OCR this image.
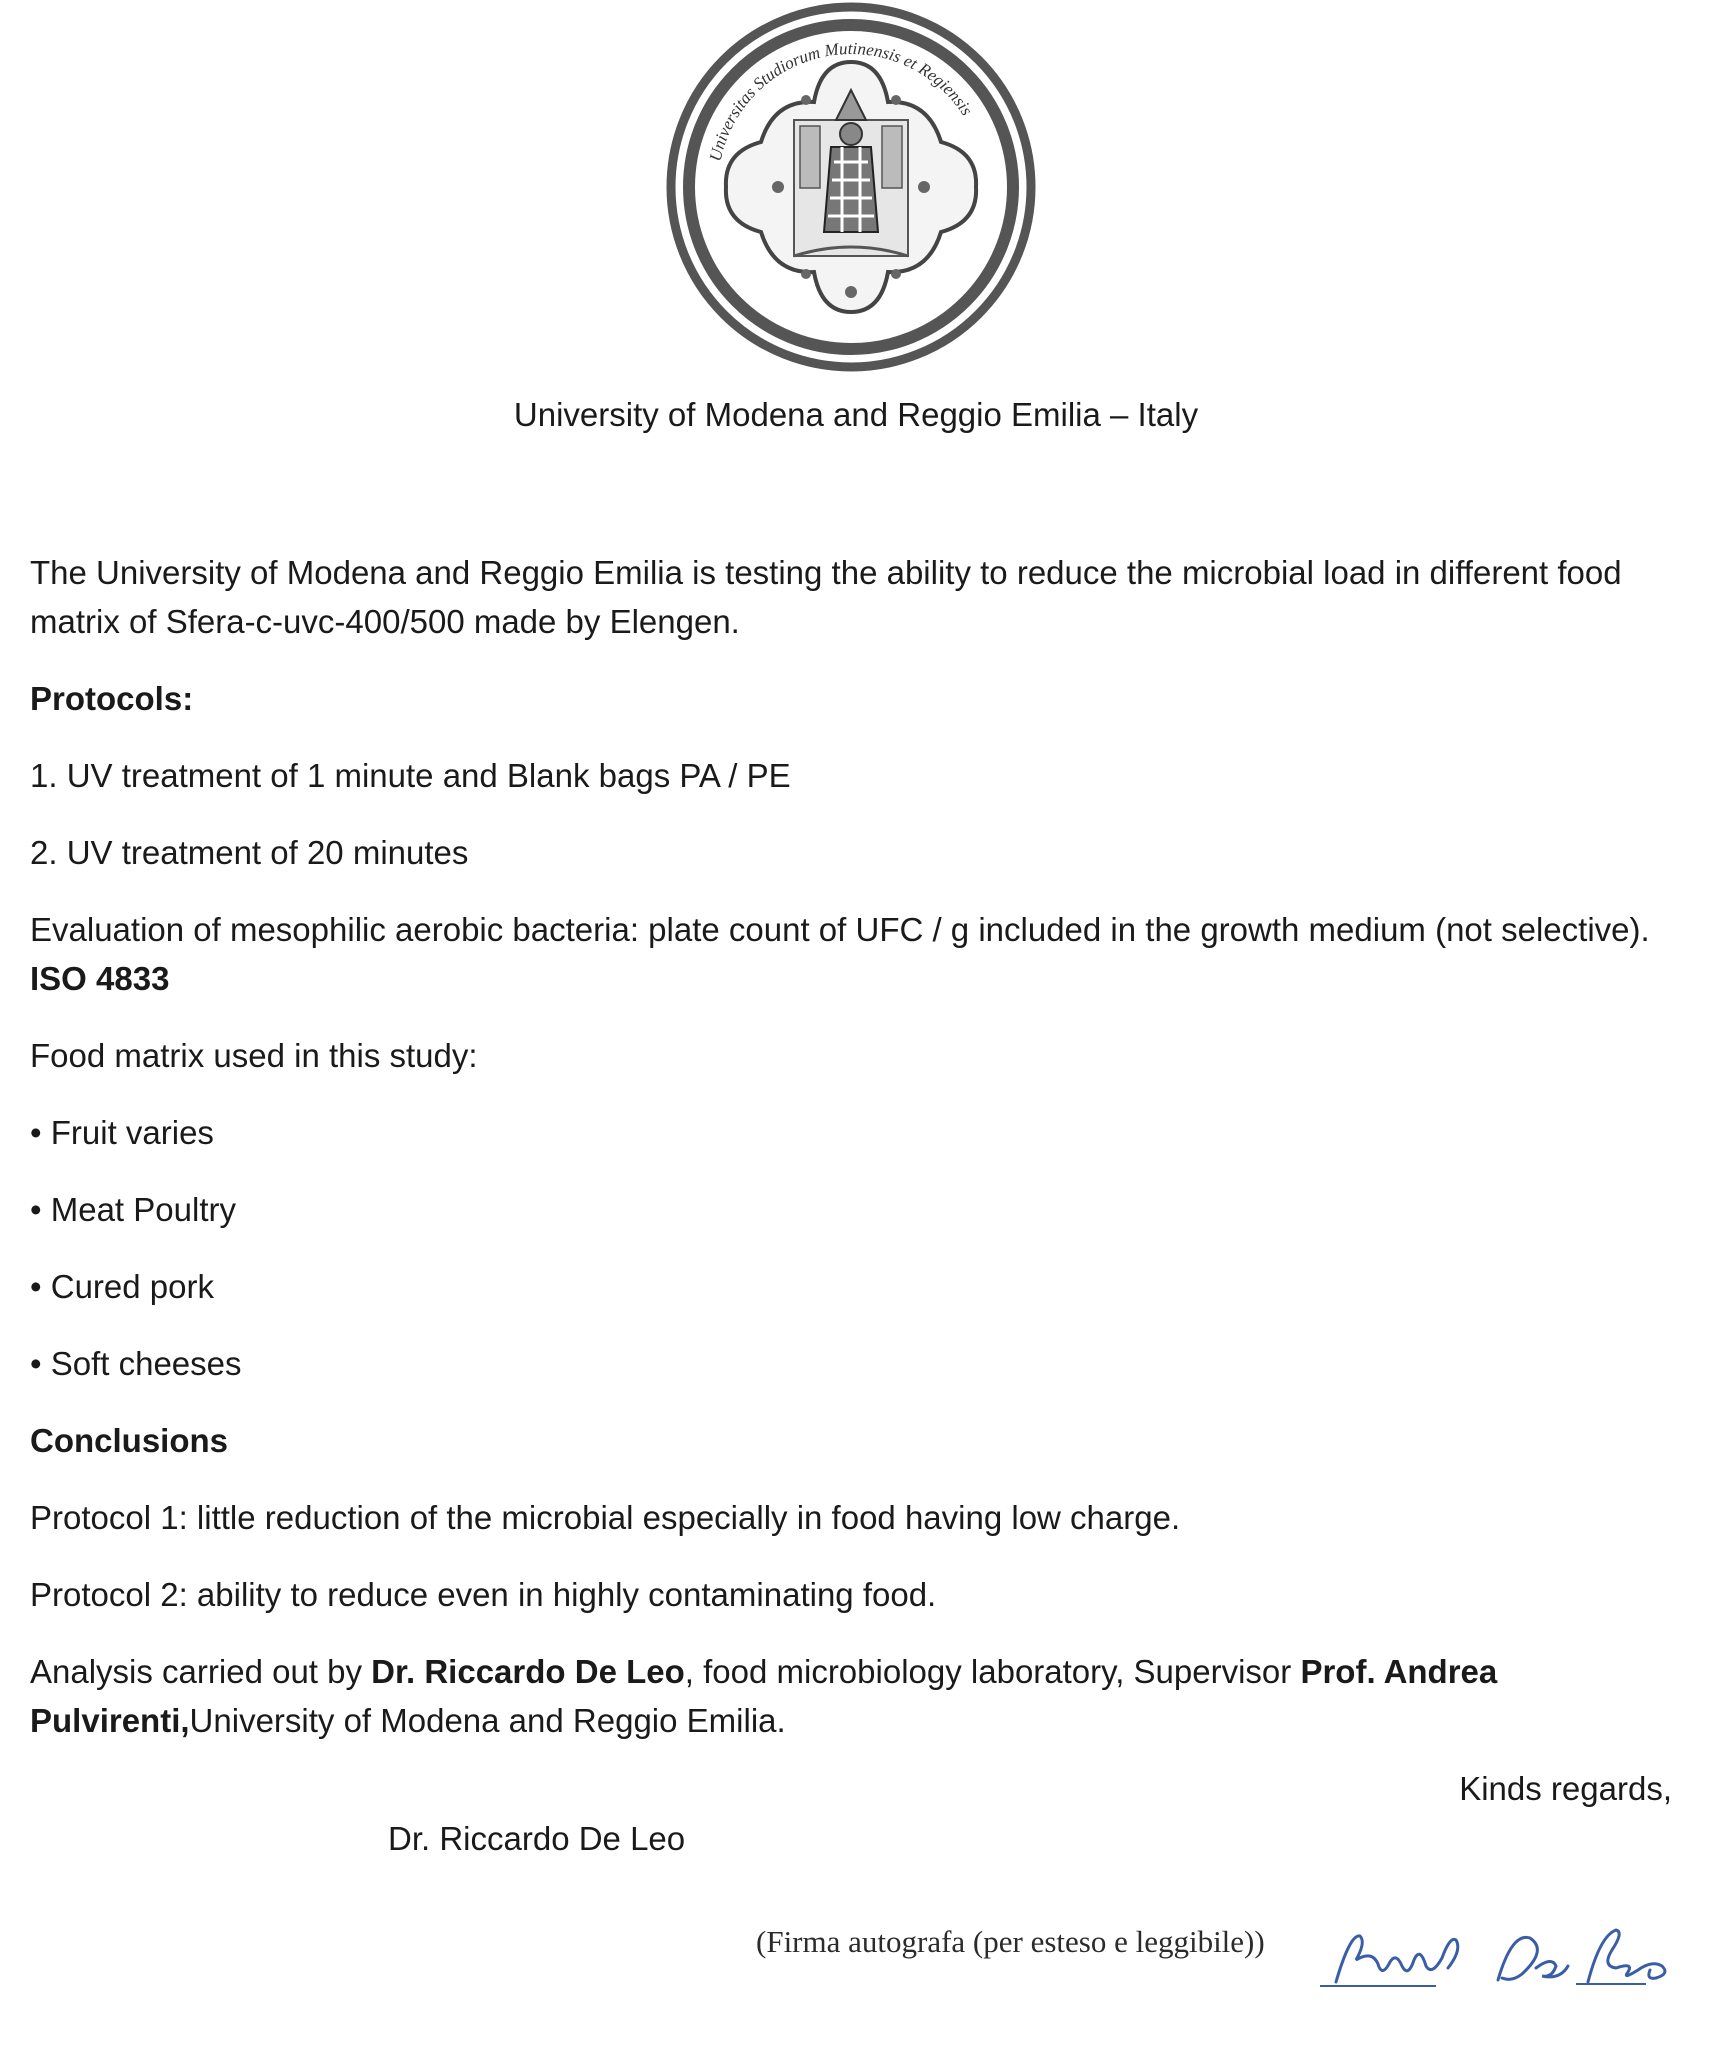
Universitas Studiorum Mutinensis et Regiensis
University of Modena and Reggio Emilia – Italy

The University of Modena and Reggio Emilia is testing the ability to reduce the microbial load in different food matrix of Sfera-c-uvc-400/500 made by Elengen.

Protocols:

1. UV treatment of 1 minute and Blank bags PA / PE

2. UV treatment of 20 minutes

Evaluation of mesophilic aerobic bacteria: plate count of UFC / g included in the growth medium (not selective). ISO 4833

Food matrix used in this study:

• Fruit varies

• Meat Poultry

• Cured pork

• Soft cheeses

Conclusions

Protocol 1: little reduction of the microbial especially in food having low charge.

Protocol 2: ability to reduce even in highly contaminating food.

Analysis carried out by Dr. Riccardo De Leo, food microbiology laboratory, Supervisor Prof. Andrea Pulvirenti,University of Modena and Reggio Emilia.

Kinds regards,
Dr. Riccardo De Leo
(Firma autografa (per esteso e leggibile))
